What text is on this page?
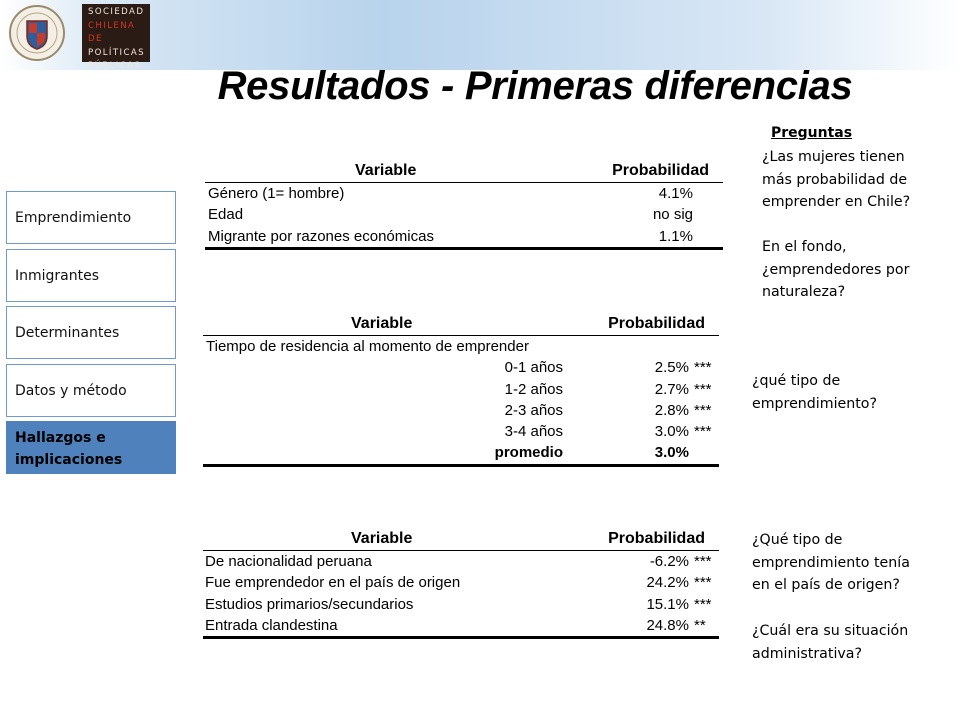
SOCIEDAD
CHILENA DE
POLÍTICAS
PÚBLICAS	Resultados - Primeras diferencias
Emprendimiento
Inmigrantes
Determinantes
Datos y método
Hallazgos e implicaciones
Variable	Probabilidad
Género (1= hombre)	4.1%
Edad	no sig
Migrante por razones económicas	1.1%
Variable	Probabilidad
Tiempo de residencia al momento de emprender
0-1 años	2.5% ***
1-2 años	2.7% ***
2-3 años	2.8% ***
3-4 años	3.0% ***
promedio	3.0%
Variable	Probabilidad
De nacionalidad peruana	-6.2% ***
Fue emprendedor en el país de origen	24.2% ***
Estudios primarios/secundarios	15.1% ***
Entrada clandestina	24.8% **
Preguntas
¿Las mujeres tienen más probabilidad de emprender en Chile?
En el fondo, ¿emprendedores por naturaleza?
¿qué tipo de emprendimiento?
¿Qué tipo de emprendimiento tenía en el país de origen?
¿Cuál era su situación administrativa?
